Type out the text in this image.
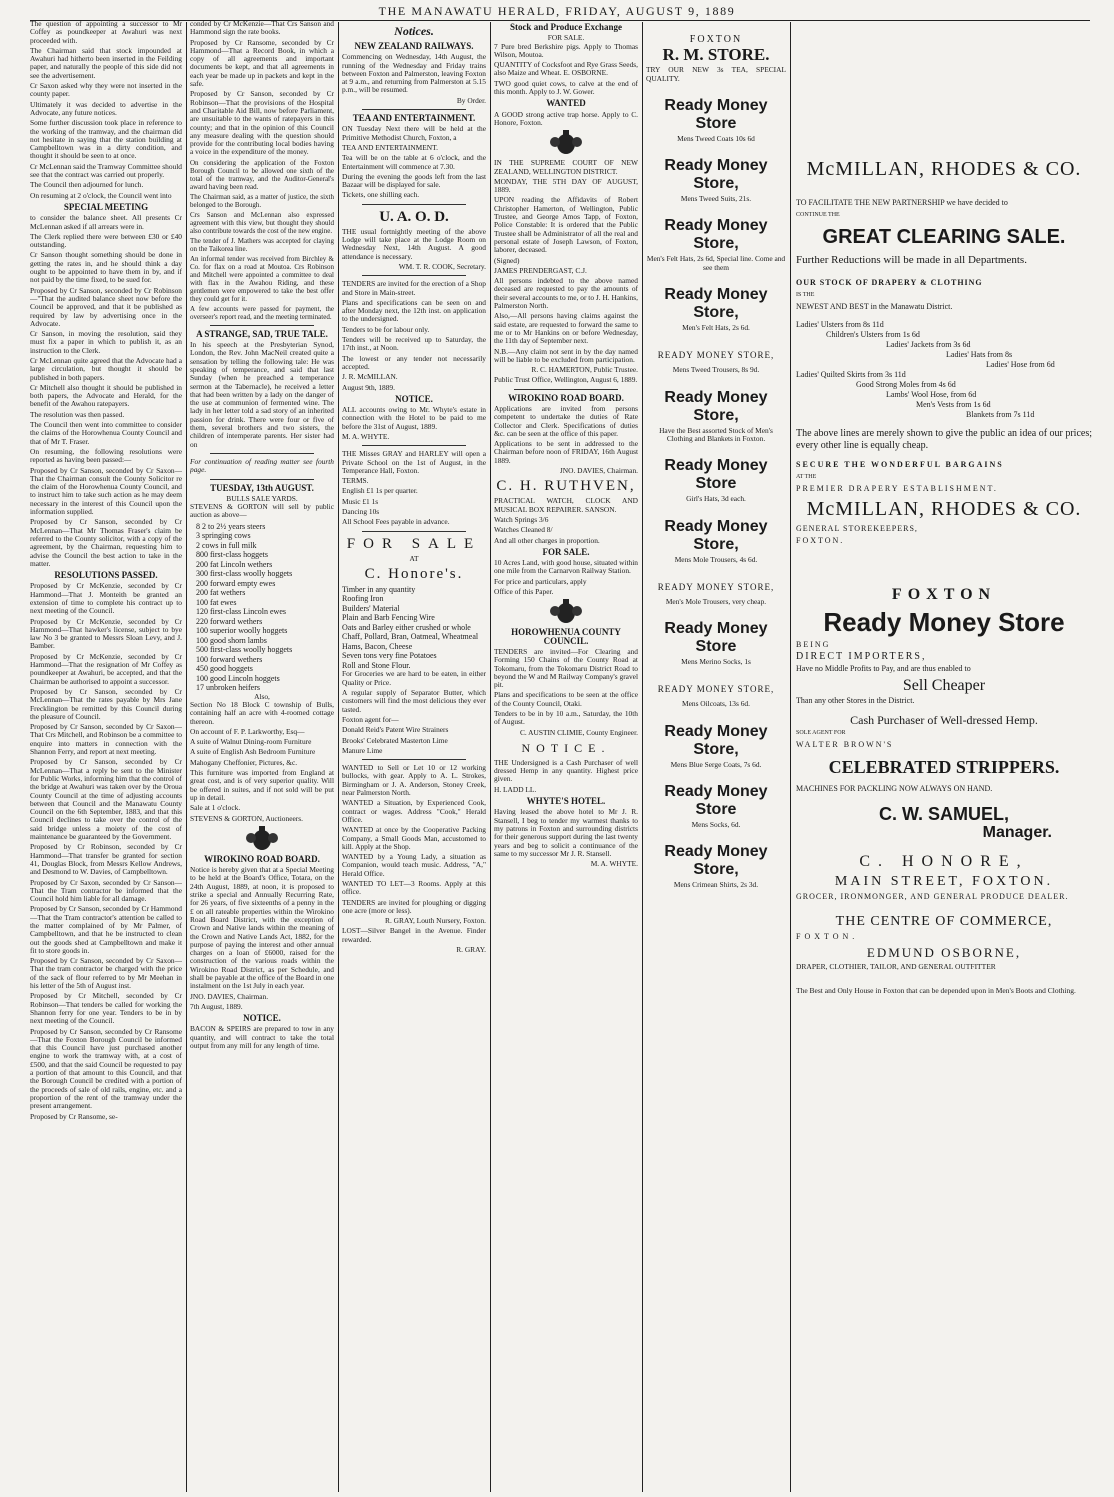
THE MANAWATU HERALD, FRIDAY, AUGUST 9, 1889

The question of appointing a successor to Mr Coffey as poundkeeper at Awahuri was next proceeded with.

The Chairman said that stock impounded at Awahuri had hitherto been inserted in the Feilding paper, and naturally the people of this side did not see the advertisement.

Cr Saxon asked why they were not inserted in the county paper.

Ultimately it was decided to advertise in the Advocate, any future notices.

Some further discussion took place in reference to the working of the tramway, and the chairman did not hesitate in saying that the station building at Campbelltown was in a dirty condition, and thought it should be seen to at once.

Cr McLennan said the Tramway Committee should see that the contract was carried out properly.

The Council then adjourned for lunch.

On resuming at 2 o'clock, the Council went into

SPECIAL MEETING

to consider the balance sheet. All presents Cr McLennan asked if all arrears were in.

The Clerk replied there were between £30 or £40 outstanding.

Cr Sanson thought something should be done in getting the rates in, and he should think a day ought to be appointed to have them in by, and if not paid by the time fixed, to be sued for.

Proposed by Cr Sanson, seconded by Cr Robinson—"That the audited balance sheet now before the Council be approved, and that it be published as required by law by advertising once in the Advocate.

Cr Sanson, in moving the resolution, said they must fix a paper in which to publish it, as an instruction to the Clerk.

Cr McLennan quite agreed that the Advocate had a large circulation, but thought it should be published in both papers.

Cr Mitchell also thought it should be published in both papers, the Advocate and Herald, for the benefit of the Awahou ratepayers.

The resolution was then passed.

The Council then went into committee to consider the claims of the Horowhenua County Council and that of Mr T. Fraser.

On resuming, the following resolutions were reported as having been passed:—

Proposed by Cr Sanson, seconded by Cr Saxon—That the Chairman consult the County Solicitor re the claim of the Horowhenua County Council, and to instruct him to take such action as he may deem necessary in the interest of this Council upon the information supplied.

Proposed by Cr Sanson, seconded by Cr McLennan—That Mr Thomas Fraser's claim be referred to the County solicitor, with a copy of the agreement, by the Chairman, requesting him to advise the Council the best action to take in the matter.

RESOLUTIONS PASSED.

Proposed by Cr McKenzie, seconded by Cr Hammond—That J. Monteith be granted an extension of time to complete his contract up to next meeting of the Council.

Proposed by Cr McKenzie, seconded by Cr Hammond—That hawker's license, subject to bye law No 3 be granted to Messrs Sloan Levy, and J. Bamber.

Proposed by Cr McKenzie, seconded by Cr Hammond—That the resignation of Mr Coffey as poundkeeper at Awahuri, be accepted, and that the Chairman be authorised to appoint a successor.

Proposed by Cr Sanson, seconded by Cr McLennan—That the rates payable by Mrs Jane Frecklington be remitted by this Council during the pleasure of Council.

Proposed by Cr Sanson, seconded by Cr Saxon—That Crs Mitchell, and Robinson be a committee to enquire into matters in connection with the Shannon Ferry, and report at next meeting.

Proposed by Cr Sanson, seconded by Cr McLennan—That a reply be sent to the Minister for Public Works, informing him that the control of the bridge at Awahuri was taken over by the Oroua County Council at the time of adjusting accounts between that Council and the Manawatu County Council on the 6th September, 1883, and that this Council declines to take over the control of the said bridge unless a moiety of the cost of maintenance be guaranteed by the Government.

Proposed by Cr Robinson, seconded by Cr Hammond—That transfer be granted for section 41, Douglas Block, from Messrs Kellow Andrews, and Desmond to W. Davies, of Campbelltown.

Proposed by Cr Saxon, seconded by Cr Sanson—That the Tram contractor be informed that the Council hold him liable for all damage.

Proposed by Cr Sanson, seconded by Cr Hammond—That the Tram contractor's attention be called to the matter complained of by Mr Palmer, of Campbelltown, and that he be instructed to clean out the goods shed at Campbelltown and make it fit to store goods in.

Proposed by Cr Sanson, seconded by Cr Saxon—That the tram contractor be charged with the price of the sack of flour referred to by Mr Meehan in his letter of the 5th of August inst.

Proposed by Cr Mitchell, seconded by Cr Robinson—That tenders be called for working the Shannon ferry for one year. Tenders to be in by next meeting of the Council.

Proposed by Cr Sanson, seconded by Cr Ransome—That the Foxton Borough Council be informed that this Council have just purchased another engine to work the tramway with, at a cost of £500, and that the said Council be requested to pay a portion of that amount to this Council, and that the Borough Council be credited with a portion of the proceeds of sale of old rails, engine, etc. and a proportion of the rent of the tramway under the present arrangement.

Proposed by Cr Ransome, se-

conded by Cr McKenzie—That Crs Sanson and Hammond sign the rate books.

Proposed by Cr Ransome, seconded by Cr Hammond—That a Record Book, in which a copy of all agreements and important documents be kept, and that all agreements in each year be made up in packets and kept in the safe.

Proposed by Cr Sanson, seconded by Cr Robinson—That the provisions of the Hospital and Charitable Aid Bill, now before Parliament, are unsuitable to the wants of ratepayers in this county; and that in the opinion of this Council any measure dealing with the question should provide for the contributing local bodies having a voice in the expenditure of the money.

On considering the application of the Foxton Borough Council to be allowed one sixth of the total of the tramway, and the Auditor-General's award having been read.

The Chairman said, as a matter of justice, the sixth belonged to the Borough.

Crs Sanson and McLennan also expressed agreement with this view, but thought they should also contribute towards the cost of the new engine.

The tender of J. Mathers was accepted for claying on the Taikorea line.

An informal tender was received from Birchley & Co. for flax on a road at Moutoa. Crs Robinson and Mitchell were appointed a committee to deal with flax in the Awahou Riding, and these gentlemen were empowered to take the best offer they could get for it.

A few accounts were passed for payment, the overseer's report read, and the meeting terminated.

A STRANGE, SAD, TRUE TALE.

In his speech at the Presbyterian Synod, London, the Rev. John MacNeil created quite a sensation by telling the following tale: He was speaking of temperance, and said that last Sunday (when he preached a temperance sermon at the Tabernacle), he received a letter that had been written by a lady on the danger of the use at communion of fermented wine. The lady in her letter told a sad story of an inherited passion for drink. There were four or five of them, several brothers and two sisters, the children of intemperate parents. Her sister had on

For continuation of reading matter see fourth page.

TUESDAY, 13th AUGUST.
BULLS SALE YARDS.

STEVENS & GORTON will sell by public auction as above—

8 2 to 2½ years steers
3 springing cows
2 cows in full milk
800 first-class hoggets
200 fat Lincoln wethers
300 first-class woolly hoggets
200 forward empty ewes
200 fat wethers
100 fat ewes
120 first-class Lincoln ewes
220 forward wethers
100 superior woolly hoggets
100 good shorn lambs
500 first-class woolly hoggets
100 forward wethers
450 good hoggets
100 good Lincoln hoggets
17 unbroken heifers
Also,

Section No 18 Block C township of Bulls, containing half an acre with 4-roomed cottage thereon.

On account of F. P. Larkworthy, Esq—

A suite of Walnut Dining-room Furniture

A suite of English Ash Bedroom Furniture

Mahogany Cheffonier, Pictures, &c.

This furniture was imported from England at great cost, and is of very superior quality. Will be offered in suites, and if not sold will be put up in detail.

Sale at 1 o'clock.

STEVENS & GORTON, Auctioneers.

WIROKINO ROAD BOARD.

Notice is hereby given that at a Special Meeting to be held at the Board's Office, Totara, on the 24th August, 1889, at noon, it is proposed to strike a special and Annually Recurring Rate, for 26 years, of five sixteenths of a penny in the £ on all rateable properties within the Wirokino Road Board District, with the exception of Crown and Native lands within the meaning of the Crown and Native Lands Act, 1882, for the purpose of paying the interest and other annual charges on a loan of £6000, raised for the construction of the various roads within the Wirokino Road District, as per Schedule, and shall be payable at the office of the Board in one instalment on the 1st July in each year.

JNO. DAVIES, Chairman.

7th August, 1889.

NOTICE.

BACON & SPEIRS are prepared to tow in any quantity, and will contract to take the total output from any mill for any length of time.

Notices.
NEW ZEALAND RAILWAYS.

Commencing on Wednesday, 14th August, the running of the Wednesday and Friday trains between Foxton and Palmerston, leaving Foxton at 9 a.m., and returning from Palmerston at 5.15 p.m., will be resumed.

By Order.

TEA AND ENTERTAINMENT.

ON Tuesday Next there will be held at the Primitive Methodist Church, Foxton, a

TEA AND ENTERTAINMENT.

Tea will be on the table at 6 o'clock, and the Entertainment will commence at 7.30.

During the evening the goods left from the last Bazaar will be displayed for sale.

Tickets, one shilling each.

U. A. O. D.

THE usual fortnightly meeting of the above Lodge will take place at the Lodge Room on Wednesday Next, 14th August. A good attendance is necessary.

WM. T. R. COOK, Secretary.

TENDERS are invited for the erection of a Shop and Store in Main-street.

Plans and specifications can be seen on and after Monday next, the 12th inst. on application to the undersigned.

Tenders to be for labour only.

Tenders will be received up to Saturday, the 17th inst., at Noon.

The lowest or any tender not necessarily accepted.

J. R. McMILLAN.

August 9th, 1889.

NOTICE.

ALL accounts owing to Mr. Whyte's estate in connection with the Hotel to be paid to me before the 31st of August, 1889.

M. A. WHYTE.

THE Misses GRAY and HARLEY will open a Private School on the 1st of August, in the Temperance Hall, Foxton.

TERMS.

English £1 1s per quarter.

Music £1 1s

Dancing 10s

All School Fees payable in advance.

FOR SALE
AT
C. Honore's.
Timber in any quantity
Roofing Iron
Builders' Material
Plain and Barb Fencing Wire
Oats and Barley either crushed or whole
Chaff, Pollard, Bran, Oatmeal, Wheatmeal
Hams, Bacon, Cheese
Seven tons very fine Potatoes
Roll and Stone Flour.

For Groceries we are hard to be eaten, in either Quality or Price.

A regular supply of Separator Butter, which customers will find the most delicious they ever tasted.

Foxton agent for—

Donald Reid's Patent Wire Strainers

Brooks' Celebrated Masterton Lime

Manure Lime

WANTED to Sell or Let 10 or 12 working bullocks, with gear. Apply to A. L. Strokes, Birmingham or J. A. Anderson, Stoney Creek, near Palmerston North.

WANTED a Situation, by Experienced Cook, contract or wages. Address "Cook," Herald Office.

WANTED at once by the Cooperative Packing Company, a Small Goods Man, accustomed to kill. Apply at the Shop.

WANTED by a Young Lady, a situation as Companion, would teach music. Address, "A," Herald Office.

WANTED TO LET—3 Rooms. Apply at this office.

TENDERS are invited for ploughing or digging one acre (more or less).

R. GRAY, Louth Nursery, Foxton.

LOST—Silver Bangel in the Avenue. Finder rewarded.

R. GRAY.

Stock and Produce Exchange
FOR SALE.

7 Pure bred Berkshire pigs. Apply to Thomas Wilson, Moutoa.

QUANTITY of Cocksfoot and Rye Grass Seeds, also Maize and Wheat. E. OSBORNE.

TWO good quiet cows, to calve at the end of this month. Apply to J. W. Gower.

WANTED

A GOOD strong active trap horse. Apply to C. Honore, Foxton.

IN THE SUPREME COURT OF NEW ZEALAND, WELLINGTON DISTRICT.

MONDAY, THE 5TH DAY OF AUGUST, 1889.

UPON reading the Affidavits of Robert Christopher Hamerton, of Wellington, Public Trustee, and George Amos Tapp, of Foxton, Police Constable: It is ordered that the Public Trustee shall be Administrator of all the real and personal estate of Joseph Lawson, of Foxton, laborer, deceased.

(Signed)

JAMES PRENDERGAST, C.J.

All persons indebted to the above named deceased are requested to pay the amounts of their several accounts to me, or to J. H. Hankins, Palmerston North.

Also,—All persons having claims against the said estate, are requested to forward the same to me or to Mr Hankins on or before Wednesday, the 11th day of September next.

N.B.—Any claim not sent in by the day named will be liable to be excluded from participation.

R. C. HAMERTON, Public Trustee.

Public Trust Office, Wellington, August 6, 1889.

WIROKINO ROAD BOARD.

Applications are invited from persons competent to undertake the duties of Rate Collector and Clerk. Specifications of duties &c. can be seen at the office of this paper.

Applications to be sent in addressed to the Chairman before noon of FRIDAY, 16th August 1889.

JNO. DAVIES, Chairman.

C. H. RUTHVEN,

PRACTICAL WATCH, CLOCK AND MUSICAL BOX REPAIRER. SANSON.

Watch Springs 3/6

Watches Cleaned 8/

And all other charges in proportion.

FOR SALE.

10 Acres Land, with good house, situated within one mile from the Carnarvon Railway Station.

For price and particulars, apply

Office of this Paper.

HOROWHENUA COUNTY COUNCIL.

TENDERS are invited—For Clearing and Forming 150 Chains of the County Road at Tokomaru, from the Tokomaru District Road to beyond the W and M Railway Company's gravel pit.

Plans and specifications to be seen at the office of the County Council, Otaki.

Tenders to be in by 10 a.m., Saturday, the 10th of August.

C. AUSTIN CLIMIE, County Engineer.

NOTICE.

THE Undersigned is a Cash Purchaser of well dressed Hemp in any quantity. Highest price given.

H. LADD LL.

WHYTE'S HOTEL.

Having leased the above hotel to Mr J. R. Stansell, I beg to tender my warmest thanks to my patrons in Foxton and surrounding districts for their generous support during the last twenty years and beg to solicit a continuance of the same to my successor Mr J. R. Stansell.

M. A. WHYTE.

FOXTON
R. M. STORE.

TRY OUR NEW 3s TEA, SPECIAL QUALITY.

Ready Money Store
Mens Tweed Coats 10s 6d
Ready Money Store,
Mens Tweed Suits, 21s.
Ready Money Store,
Men's Felt Hats, 2s 6d, Special line. Come and see them
Ready Money Store,
Men's Felt Hats, 2s 6d.
READY MONEY STORE,
Mens Tweed Trousers, 8s 9d.
Ready Money Store,
Have the Best assorted Stock of Men's Clothing and Blankets in Foxton.
Ready Money Store
Girl's Hats, 3d each.
Ready Money Store,
Mens Mole Trousers, 4s 6d.
READY MONEY STORE,
Men's Mole Trousers, very cheap.
Ready Money Store
Mens Merino Socks, 1s
READY MONEY STORE,
Mens Oilcoats, 13s 6d.
Ready Money Store,
Mens Blue Serge Coats, 7s 6d.
Ready Money Store
Mens Socks, 6d.
Ready Money Store,
Mens Crimean Shirts, 2s 3d.
McMILLAN, RHODES & CO.

TO FACILITATE THE NEW PARTNERSHIP we have decided to

CONTINUE THE

GREAT CLEARING SALE.

Further Reductions will be made in all Departments.

OUR STOCK OF DRAPERY & CLOTHING

IS THE

NEWEST AND BEST in the Manawatu District.

Ladies' Ulsters from 8s 11d
Children's Ulsters from 1s 6d
Ladies' Jackets from 3s 6d
Ladies' Hats from 8s
Ladies' Hose from 6d
Ladies' Quilted Skirts from 3s 11d
Good Strong Moles from 4s 6d
Lambs' Wool Hose, from 6d
Men's Vests from 1s 6d
Blankets from 7s 11d

The above lines are merely shown to give the public an idea of our prices; every other line is equally cheap.

SECURE THE WONDERFUL BARGAINS

AT THE

PREMIER DRAPERY ESTABLISHMENT.

McMILLAN, RHODES & CO.

GENERAL STOREKEEPERS,

FOXTON.

FOXTON
Ready Money Store

BEING

DIRECT IMPORTERS,

Have no Middle Profits to Pay, and are thus enabled to

Sell Cheaper

Than any other Stores in the District.

Cash Purchaser of Well-dressed Hemp.

SOLE AGENT FOR

WALTER BROWN'S

CELEBRATED STRIPPERS.

MACHINES FOR PACKLING NOW ALWAYS ON HAND.

C. W. SAMUEL,
Manager.
C. HONORE,
MAIN STREET, FOXTON.

GROCER, IRONMONGER, AND GENERAL PRODUCE DEALER.

THE CENTRE OF COMMERCE,

FOXTON.

EDMUND OSBORNE,

DRAPER, CLOTHIER, TAILOR, AND GENERAL OUTFITTER

The Best and Only House in Foxton that can be depended upon in Men's Boots and Clothing.
